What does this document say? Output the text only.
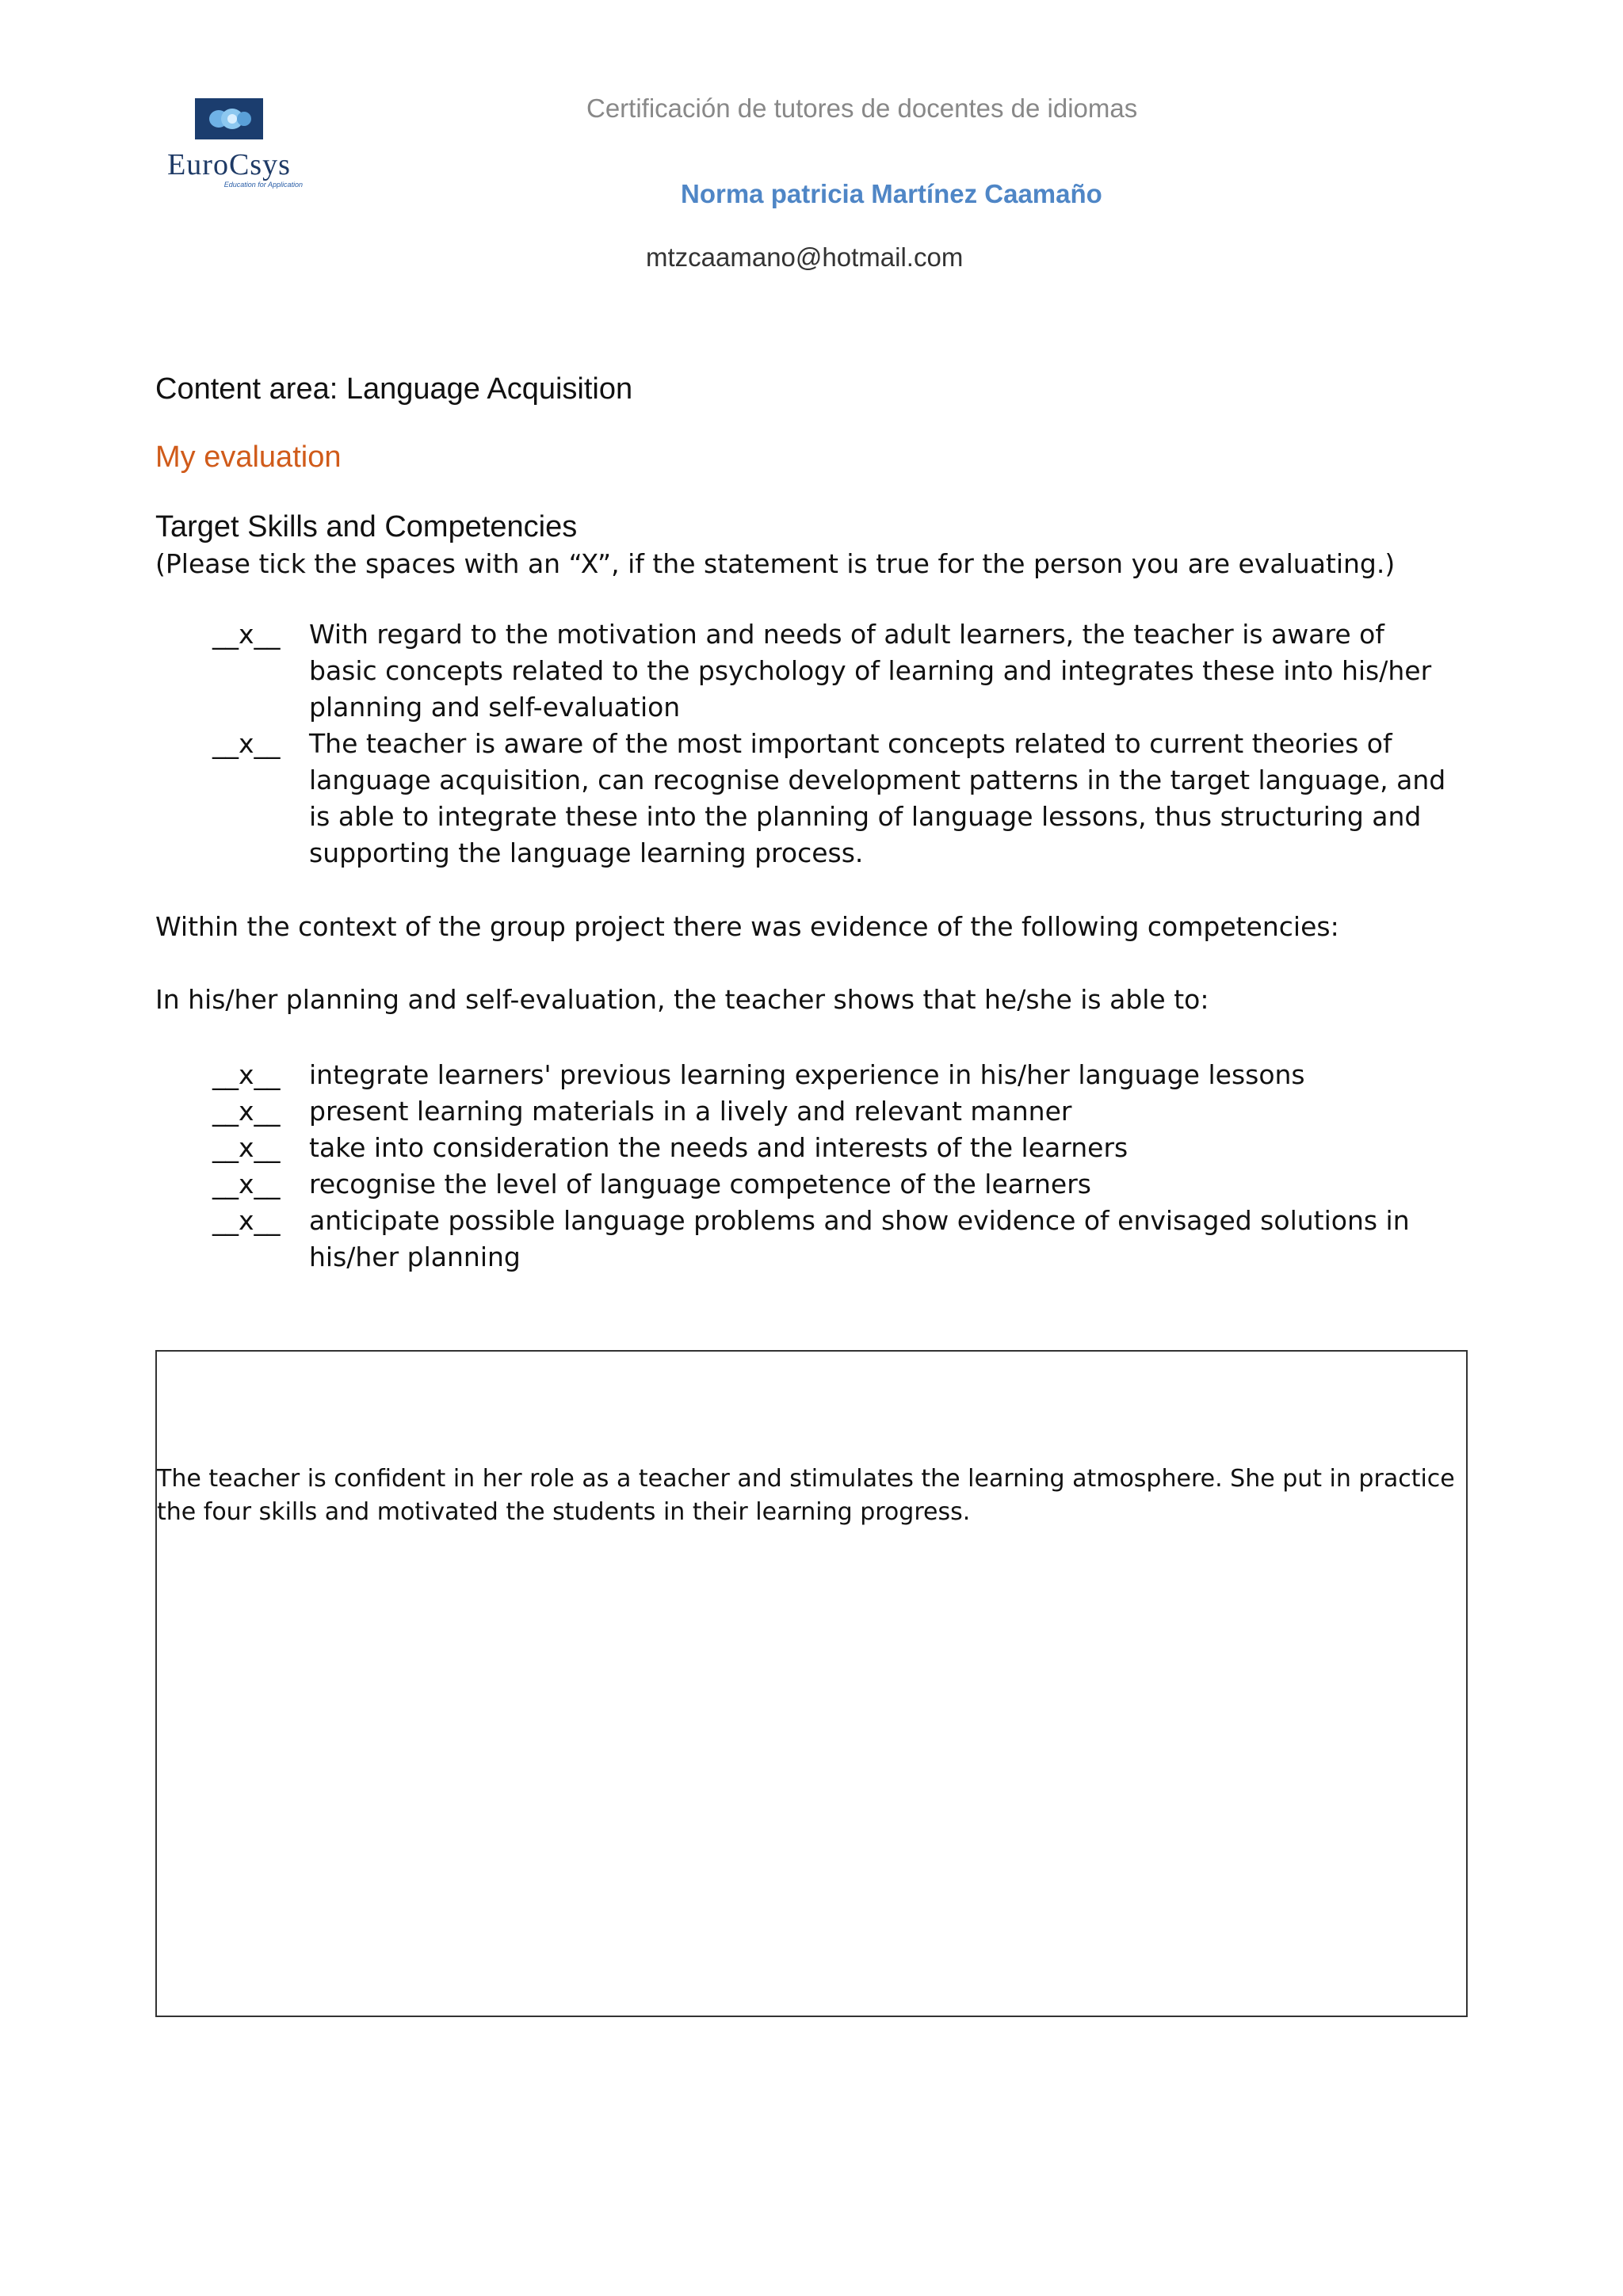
EuroCsys
Education for Application
Certificación de tutores de docentes de idiomas
Norma patricia Martínez Caamaño
mtzcaamano@hotmail.com
Content area: Language Acquisition
My evaluation
Target Skills and Competencies
(Please tick the spaces with an “X”, if the statement is true for the person you are evaluating.)
__x__	With regard to the motivation and needs of adult learners, the teacher is aware of basic concepts related to the psychology of learning and integrates these into his/her planning and self-evaluation
__x__	The teacher is aware of the most important concepts related to current theories of language acquisition, can recognise development patterns in the target language, and is able to integrate these into the planning of language lessons, thus structuring and supporting the language learning process.
Within the context of the group project there was evidence of the following competencies:
In his/her planning and self-evaluation, the teacher shows that he/she is able to:
__x__	integrate learners' previous learning experience in his/her language lessons
__x__	present learning materials in a lively and relevant manner
__x__	take into consideration the needs and interests of the learners
__x__	recognise the level of language competence of the learners
__x__	anticipate possible language problems and show evidence of envisaged solutions in his/her planning
The teacher is confident in her role as a teacher and stimulates the learning atmosphere. She put in practice the four skills and motivated the students in their learning progress.
